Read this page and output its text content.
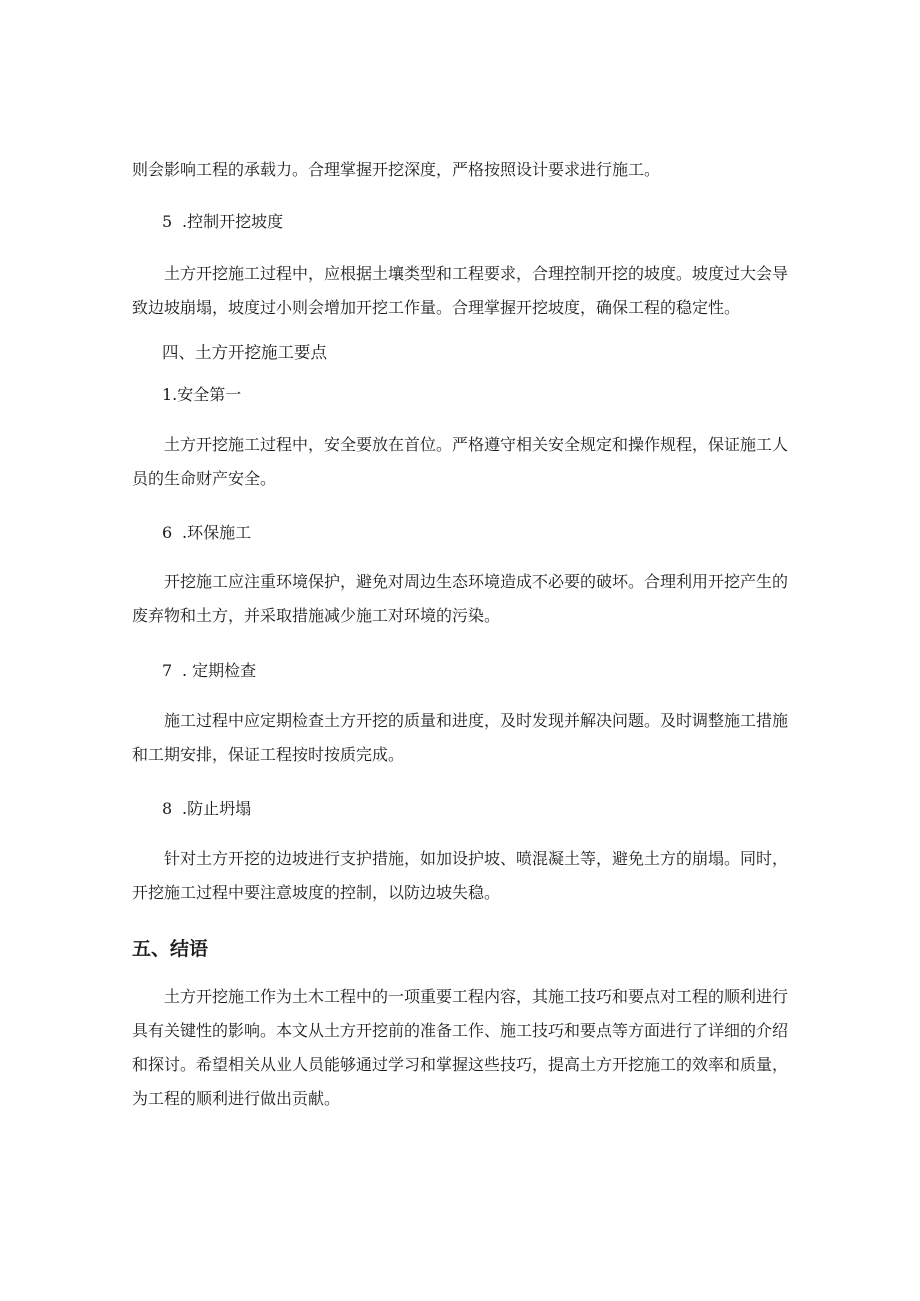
则会影响工程的承载力。合理掌握开挖深度，严格按照设计要求进行施工。

5 .控制开挖坡度

土方开挖施工过程中，应根据土壤类型和工程要求，合理控制开挖的坡度。坡度过大会导致边坡崩塌，坡度过小则会增加开挖工作量。合理掌握开挖坡度，确保工程的稳定性。

四、土方开挖施工要点

1.安全第一

土方开挖施工过程中，安全要放在首位。严格遵守相关安全规定和操作规程，保证施工人员的生命财产安全。

6 .环保施工

开挖施工应注重环境保护，避免对周边生态环境造成不必要的破坏。合理利用开挖产生的废弃物和土方，并采取措施减少施工对环境的污染。

7 . 定期检查

施工过程中应定期检查土方开挖的质量和进度，及时发现并解决问题。及时调整施工措施和工期安排，保证工程按时按质完成。

8 .防止坍塌

针对土方开挖的边坡进行支护措施，如加设护坡、喷混凝土等，避免土方的崩塌。同时，开挖施工过程中要注意坡度的控制，以防边坡失稳。

五、结语

土方开挖施工作为土木工程中的一项重要工程内容，其施工技巧和要点对工程的顺利进行具有关键性的影响。本文从土方开挖前的准备工作、施工技巧和要点等方面进行了详细的介绍和探讨。希望相关从业人员能够通过学习和掌握这些技巧，提高土方开挖施工的效率和质量，为工程的顺利进行做出贡献。
